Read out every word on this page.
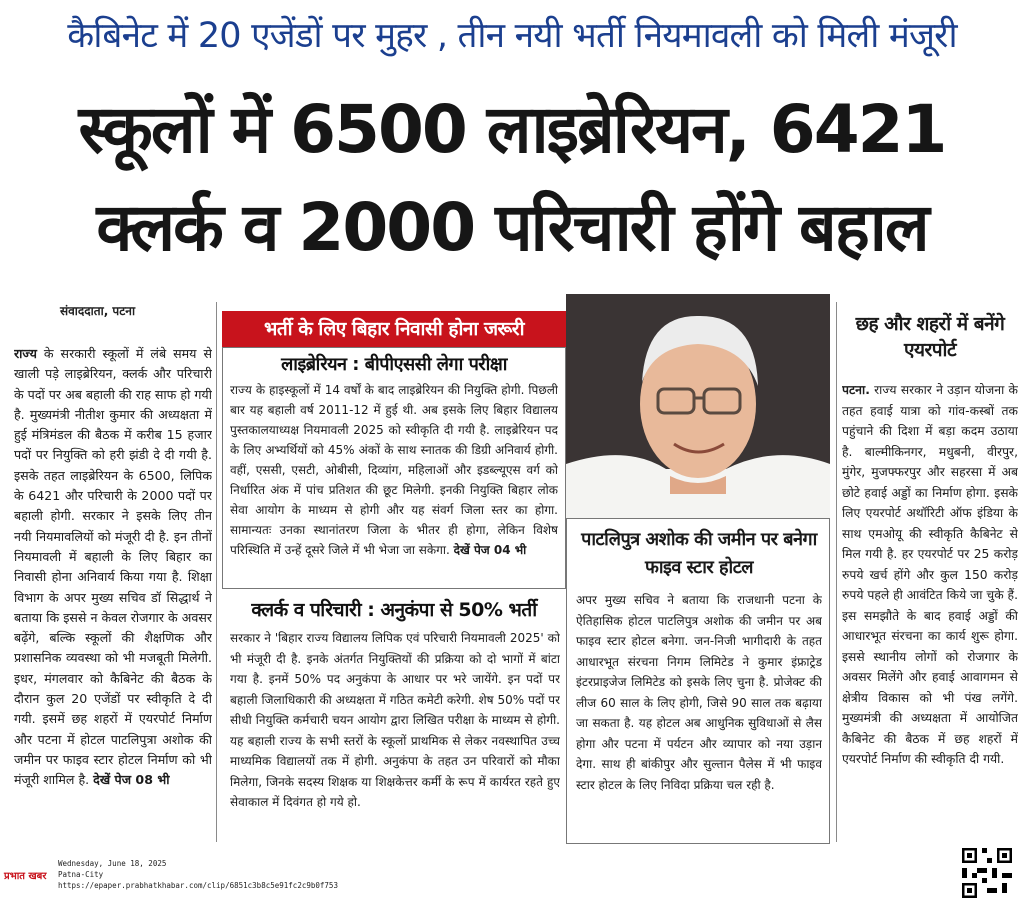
कैबिनेट में 20 एजेंडों पर मुहर , तीन नयी भर्ती नियमावली को मिली मंजूरी
स्कूलों में 6500 लाइब्रेरियन, 6421
क्लर्क व 2000 परिचारी होंगे बहाल
संवाददाता, पटना

राज्य के सरकारी स्कूलों में लंबे समय से खाली पड़े लाइब्रेरियन, क्लर्क और परिचारी के पदों पर अब बहाली की राह साफ हो गयी है. मुख्यमंत्री नीतीश कुमार की अध्यक्षता में हुई मंत्रिमंडल की बैठक में करीब 15 हजार पदों पर नियुक्ति को हरी झंडी दे दी गयी है. इसके तहत लाइब्रेरियन के 6500, लिपिक के 6421 और परिचारी के 2000 पदों पर बहाली होगी. सरकार ने इसके लिए तीन नयी नियमावलियों को मंजूरी दी है. इन तीनों नियमावली में बहाली के लिए बिहार का निवासी होना अनिवार्य किया गया है. शिक्षा विभाग के अपर मुख्य सचिव डॉ सिद्धार्थ ने बताया कि इससे न केवल रोजगार के अवसर बढ़ेंगे, बल्कि स्कूलों की शैक्षणिक और प्रशासनिक व्यवस्था को भी मजबूती मिलेगी. इधर, मंगलवार को कैबिनेट की बैठक के दौरान कुल 20 एजेंडों पर स्वीकृति दे दी गयी. इसमें छह शहरों में एयरपोर्ट निर्माण और पटना में होटल पाटलिपुत्रा अशोक की जमीन पर फाइव स्टार होटल निर्माण को भी मंजूरी शामिल है. देखें पेज 08 भी

भर्ती के लिए बिहार निवासी होना जरूरी
लाइब्रेरियन : बीपीएससी लेगा परीक्षा

राज्य के हाइस्कूलों में 14 वर्षों के बाद लाइब्रेरियन की नियुक्ति होगी. पिछली बार यह बहाली वर्ष 2011-12 में हुई थी. अब इसके लिए बिहार विद्यालय पुस्तकालयाध्यक्ष नियमावली 2025 को स्वीकृति दी गयी है. लाइब्रेरियन पद के लिए अभ्यर्थियों को 45% अंकों के साथ स्नातक की डिग्री अनिवार्य होगी. वहीं, एससी, एसटी, ओबीसी, दिव्यांग, महिलाओं और इडब्ल्यूएस वर्ग को निर्धारित अंक में पांच प्रतिशत की छूट मिलेगी. इनकी नियुक्ति बिहार लोक सेवा आयोग के माध्यम से होगी और यह संवर्ग जिला स्तर का होगा. सामान्यतः उनका स्थानांतरण जिला के भीतर ही होगा, लेकिन विशेष परिस्थिति में उन्हें दूसरे जिले में भी भेजा जा सकेगा. देखें पेज 04 भी

क्लर्क व परिचारी : अनुकंपा से 50% भर्ती

सरकार ने 'बिहार राज्य विद्यालय लिपिक एवं परिचारी नियमावली 2025' को भी मंजूरी दी है. इनके अंतर्गत नियुक्तियों की प्रक्रिया को दो भागों में बांटा गया है. इनमें 50% पद अनुकंपा के आधार पर भरे जायेंगे. इन पदों पर बहाली जिलाधिकारी की अध्यक्षता में गठित कमेटी करेगी. शेष 50% पदों पर सीधी नियुक्ति कर्मचारी चयन आयोग द्वारा लिखित परीक्षा के माध्यम से होगी. यह बहाली राज्य के सभी स्तरों के स्कूलों प्राथमिक से लेकर नवस्थापित उच्च माध्यमिक विद्यालयों तक में होगी. अनुकंपा के तहत उन परिवारों को मौका मिलेगा, जिनके सदस्य शिक्षक या शिक्षकेत्तर कर्मी के रूप में कार्यरत रहते हुए सेवाकाल में दिवंगत हो गये हो.

पाटलिपुत्र अशोक की जमीन पर बनेगा फाइव स्टार होटल

अपर मुख्य सचिव ने बताया कि राजधानी पटना के ऐतिहासिक होटल पाटलिपुत्र अशोक की जमीन पर अब फाइव स्टार होटल बनेगा. जन-निजी भागीदारी के तहत आधारभूत संरचना निगम लिमिटेड ने कुमार इंफ्राट्रेड इंटरप्राइजेज लिमिटेड को इसके लिए चुना है. प्रोजेक्ट की लीज 60 साल के लिए होगी, जिसे 90 साल तक बढ़ाया जा सकता है. यह होटल अब आधुनिक सुविधाओं से लैस होगा और पटना में पर्यटन और व्यापार को नया उड़ान देगा. साथ ही बांकीपुर और सुल्तान पैलेस में भी फाइव स्टार होटल के लिए निविदा प्रक्रिया चल रही है.

छह और शहरों में बनेंगे एयरपोर्ट

पटना. राज्य सरकार ने उड़ान योजना के तहत हवाई यात्रा को गांव-कस्बों तक पहुंचाने की दिशा में बड़ा कदम उठाया है. बाल्मीकिनगर, मधुबनी, वीरपुर, मुंगेर, मुजफ्फरपुर और सहरसा में अब छोटे हवाई अड्डों का निर्माण होगा. इसके लिए एयरपोर्ट अथॉरिटी ऑफ इंडिया के साथ एमओयू की स्वीकृति कैबिनेट से मिल गयी है. हर एयरपोर्ट पर 25 करोड़ रुपये खर्च होंगे और कुल 150 करोड़ रुपये पहले ही आवंटित किये जा चुके हैं. इस समझौते के बाद हवाई अड्डों की आधारभूत संरचना का कार्य शुरू होगा. इससे स्थानीय लोगों को रोजगार के अवसर मिलेंगे और हवाई आवागमन से क्षेत्रीय विकास को भी पंख लगेंगे. मुख्यमंत्री की अध्यक्षता में आयोजित कैबिनेट की बैठक में छह शहरों में एयरपोर्ट निर्माण की स्वीकृति दी गयी.

प्रभात खबर
Wednesday, June 18, 2025
Patna-City
https://epaper.prabhatkhabar.com/clip/6851c3b8c5e91fc2c9b0f753
